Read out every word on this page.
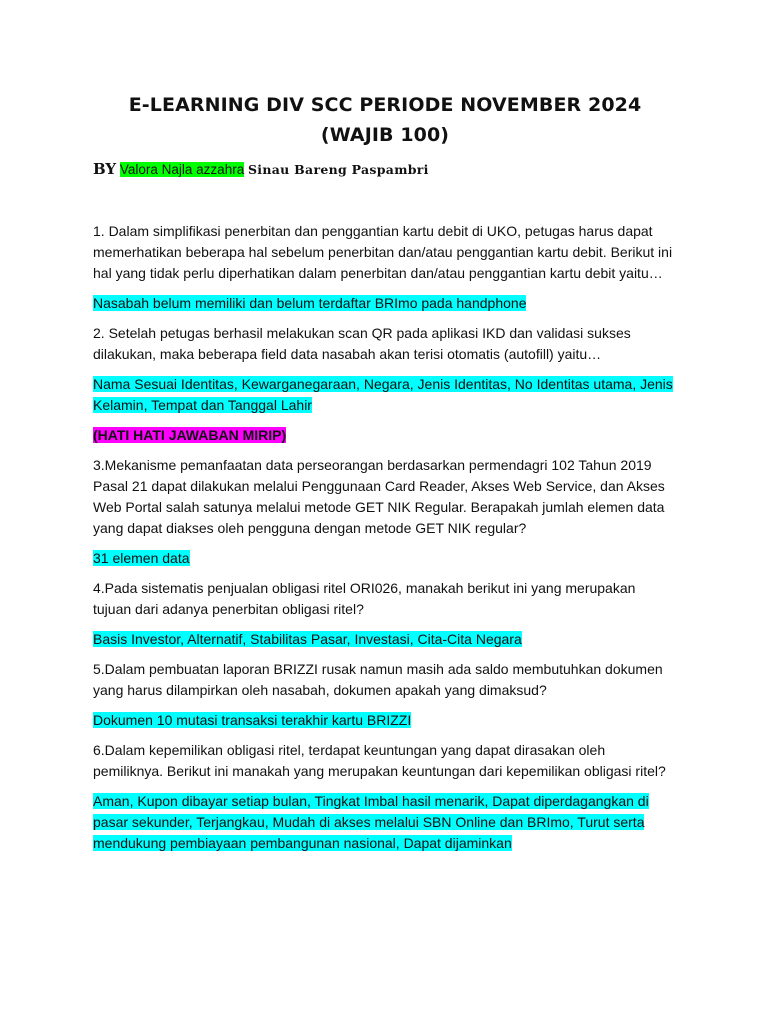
E-LEARNING DIV SCC PERIODE NOVEMBER 2024
(WAJIB 100)
BY Valora Najla azzahra Sinau Bareng Paspambri

1. Dalam simplifikasi penerbitan dan penggantian kartu debit di UKO, petugas harus dapat memerhatikan beberapa hal sebelum penerbitan dan/atau penggantian kartu debit. Berikut ini hal yang tidak perlu diperhatikan dalam penerbitan dan/atau penggantian kartu debit yaitu…

Nasabah belum memiliki dan belum terdaftar BRImo pada handphone

2. Setelah petugas berhasil melakukan scan QR pada aplikasi IKD dan validasi sukses dilakukan, maka beberapa field data nasabah akan terisi otomatis (autofill) yaitu…

Nama Sesuai Identitas, Kewarganegaraan, Negara, Jenis Identitas, No Identitas utama, Jenis Kelamin, Tempat dan Tanggal Lahir

(HATI HATI JAWABAN MIRIP)

3.Mekanisme pemanfaatan data perseorangan berdasarkan permendagri 102 Tahun 2019 Pasal 21 dapat dilakukan melalui Penggunaan Card Reader, Akses Web Service, dan Akses Web Portal salah satunya melalui metode GET NIK Regular. Berapakah jumlah elemen data yang dapat diakses oleh pengguna dengan metode GET NIK regular?

31 elemen data

4.Pada sistematis penjualan obligasi ritel ORI026, manakah berikut ini yang merupakan tujuan dari adanya penerbitan obligasi ritel?

Basis Investor, Alternatif, Stabilitas Pasar, Investasi, Cita-Cita Negara

5.Dalam pembuatan laporan BRIZZI rusak namun masih ada saldo membutuhkan dokumen yang harus dilampirkan oleh nasabah, dokumen apakah yang dimaksud?

Dokumen 10 mutasi transaksi terakhir kartu BRIZZI

6.Dalam kepemilikan obligasi ritel, terdapat keuntungan yang dapat dirasakan oleh pemiliknya. Berikut ini manakah yang merupakan keuntungan dari kepemilikan obligasi ritel?

Aman, Kupon dibayar setiap bulan, Tingkat Imbal hasil menarik, Dapat diperdagangkan di pasar sekunder, Terjangkau, Mudah di akses melalui SBN Online dan BRImo, Turut serta mendukung pembiayaan pembangunan nasional, Dapat dijaminkan
